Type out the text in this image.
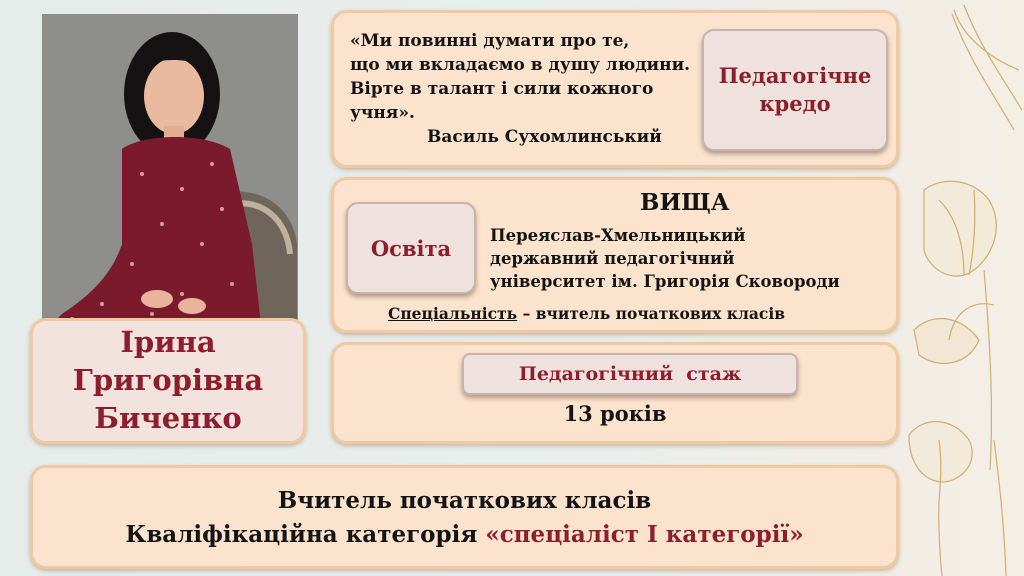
Ірина
Григорівна
Биченко
«Ми повинні думати про те,
що ми вкладаємо в душу людини.
Вірте в талант і сили кожного
учня».
Василь Сухомлинський
Педагогічне
кредо
Освіта
ВИЩА
Переяслав-Хмельницький
державний педагогічний
університет ім. Григорія Сковороди
Спеціальність – вчитель початкових класів
Педагогічний  стаж
13 років
Вчитель початкових класів
Кваліфікаційна категорія «спеціаліст І категорії»
